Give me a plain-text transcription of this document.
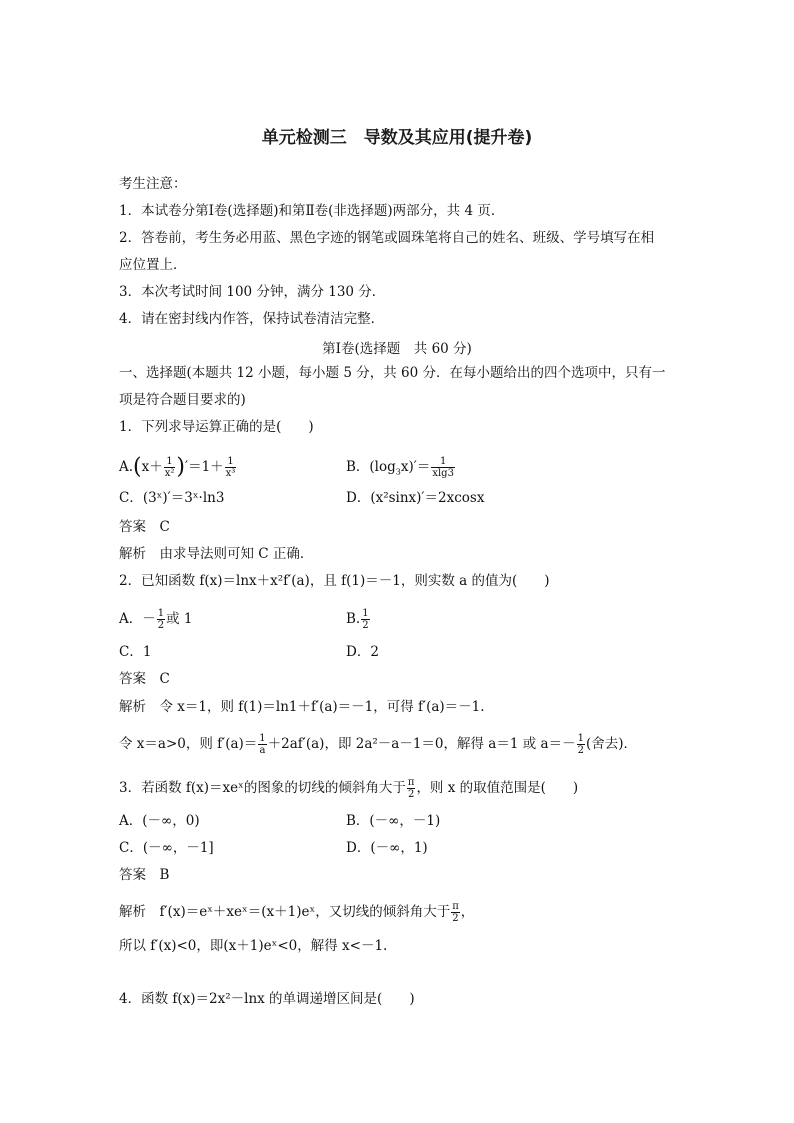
单元检测三　导数及其应用(提升卷)
考生注意：
1．本试卷分第Ⅰ卷(选择题)和第Ⅱ卷(非选择题)两部分，共 4 页．
2．答卷前，考生务必用蓝、黑色字迹的钢笔或圆珠笔将自己的姓名、班级、学号填写在相
应位置上．
3．本次考试时间 100 分钟，满分 130 分．
4．请在密封线内作答，保持试卷清洁完整．
第Ⅰ卷(选择题　共 60 分)
一、选择题(本题共 12 小题，每小题 5 分，共 60 分．在每小题给出的四个选项中，只有一
项是符合题目要求的)
1．下列求导运算正确的是(　　)
$A.(x+ \frac{1}{\text{x²}} )'=1+ \frac{1}{\text{x³}}$	B．$(\log_3x)'= \frac{1}{xlg3}$
C．(3ˣ)′＝3ˣ·ln3	D．(x²sinx)′＝2xcosx
答案　C
解析　由求导法则可知 C 正确．
2．已知函数 f(x)＝lnx＋x²f′(a)，且 f(1)＝－1，则实数 a 的值为(　　)
A．－ $\frac{1}{2}$ 或 1	B. $\frac{1}{2}$
C．1	D．2
答案　C
解析　令 x＝1，则 f(1)＝ln1＋f′(a)＝－1，可得 f′(a)＝－1.
令 x＝a>0，则 $f'(a)= \frac{1}{a} +2af'(a)$，即 2a²－a－1＝0，解得 a＝1 或 $a=- \frac{1}{2}$ (舍去)．
3．若函数 f(x)＝xeˣ的图象的切线的倾斜角大于 $\frac{\pi}{2}$ ，则 x 的取值范围是(　　)
A．(－∞，0)	B．(－∞，－1)
C．(－∞，－1]	D．(－∞，1)
答案　B
解析　f′(x)＝eˣ＋xeˣ＝(x＋1)eˣ，又切线的倾斜角大于 $\frac{\pi}{2}$ ，
所以 f′(x)<0，即(x＋1)eˣ<0，解得 x<－1.
4．函数 f(x)＝2x²－lnx 的单调递增区间是(　　)
